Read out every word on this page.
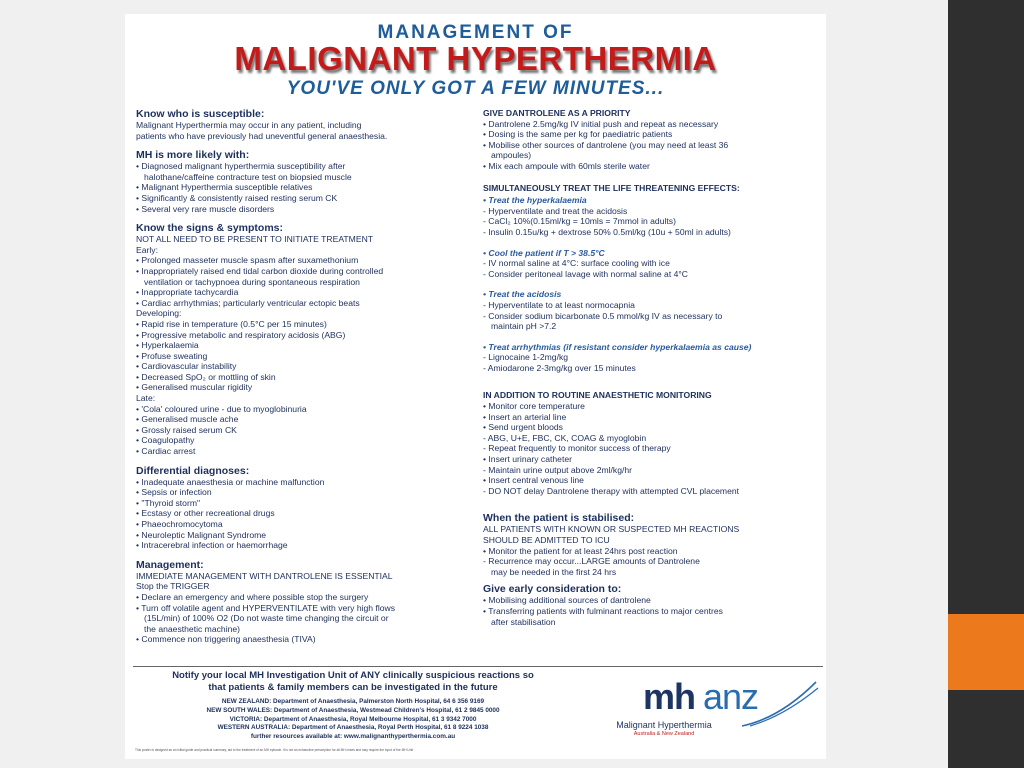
MANAGEMENT OF
MALIGNANT HYPERTHERMIA
YOU'VE ONLY GOT A FEW MINUTES...
Know who is susceptible:
Malignant Hyperthermia may occur in any patient, including
patients who have previously had uneventful general anaesthesia.
MH is more likely with:
• Diagnosed malignant hyperthermia susceptibility after
halothane/caffeine contracture test on biopsied muscle
• Malignant Hyperthermia susceptible relatives
• Significantly & consistently raised resting serum CK
• Several very rare muscle disorders
Know the signs & symptoms:
NOT ALL NEED TO BE PRESENT TO INITIATE TREATMENT
Early:
• Prolonged masseter muscle spasm after suxamethonium
• Inappropriately raised end tidal carbon dioxide during controlled
ventilation or tachypnoea during spontaneous respiration
• Inappropriate tachycardia
• Cardiac arrhythmias; particularly ventricular ectopic beats
Developing:
• Rapid rise in temperature (0.5°C per 15 minutes)
• Progressive metabolic and respiratory acidosis (ABG)
• Hyperkalaemia
• Profuse sweating
• Cardiovascular instability
• Decreased SpO₂ or mottling of skin
• Generalised muscular rigidity
Late:
• 'Cola' coloured urine - due to myoglobinuria
• Generalised muscle ache
• Grossly raised serum CK
• Coagulopathy
• Cardiac arrest
Differential diagnoses:
• Inadequate anaesthesia or machine malfunction
• Sepsis or infection
• "Thyroid storm"
• Ecstasy or other recreational drugs
• Phaeochromocytoma
• Neuroleptic Malignant Syndrome
• Intracerebral infection or haemorrhage
Management:
IMMEDIATE MANAGEMENT WITH DANTROLENE IS ESSENTIAL
Stop the TRIGGER
• Declare an emergency and where possible stop the surgery
• Turn off volatile agent and HYPERVENTILATE with very high flows
(15L/min) of 100% O2 (Do not waste time changing the circuit or
the anaesthetic machine)
• Commence non triggering anaesthesia (TIVA)
GIVE DANTROLENE AS A PRIORITY
• Dantrolene 2.5mg/kg IV initial push and repeat as necessary
• Dosing is the same per kg for paediatric patients
• Mobilise other sources of dantrolene (you may need at least 36
ampoules)
• Mix each ampoule with 60mls sterile water
SIMULTANEOUSLY TREAT THE LIFE THREATENING EFFECTS:
• Treat the hyperkalaemia
- Hyperventilate and treat the acidosis
- CaCl₂ 10%(0.15ml/kg = 10mls = 7mmol in adults)
- Insulin 0.15u/kg + dextrose 50% 0.5ml/kg (10u + 50ml in adults)
• Cool the patient if T > 38.5°C
- IV normal saline at 4°C: surface cooling with ice
- Consider peritoneal lavage with normal saline at 4°C
• Treat the acidosis
- Hyperventilate to at least normocapnia
- Consider sodium bicarbonate 0.5 mmol/kg IV as necessary to
maintain pH >7.2
• Treat arrhythmias (if resistant consider hyperkalaemia as cause)
- Lignocaine 1-2mg/kg
- Amiodarone 2-3mg/kg over 15 minutes
IN ADDITION TO ROUTINE ANAESTHETIC MONITORING
• Monitor core temperature
• Insert an arterial line
• Send urgent bloods
- ABG, U+E, FBC, CK, COAG & myoglobin
- Repeat frequently to monitor success of therapy
• Insert urinary catheter
- Maintain urine output above 2ml/kg/hr
• Insert central venous line
- DO NOT delay Dantrolene therapy with attempted CVL placement
When the patient is stabilised:
ALL PATIENTS WITH KNOWN OR SUSPECTED MH REACTIONS
SHOULD BE ADMITTED TO ICU
• Monitor the patient for at least 24hrs post reaction
- Recurrence may occur...LARGE amounts of Dantrolene
may be needed in the first 24 hrs
Give early consideration to:
• Mobilising additional sources of dantrolene
• Transferring patients with fulminant reactions to major centres
after stabilisation
Notify your local MH Investigation Unit of ANY clinically suspicious reactions so
that patients & family members can be investigated in the future
NEW ZEALAND: Department of Anaesthesia, Palmerston North Hospital, 64 6 356 9169
NEW SOUTH WALES: Department of Anaesthesia, Westmead Children's Hospital, 61 2 9845 0000
VICTORIA: Department of Anaesthesia, Royal Melbourne Hospital, 61 3 9342 7000
WESTERN AUSTRALIA: Department of Anaesthesia, Royal Perth Hospital, 61 8 9224 1038
further resources available at: www.malignanthyperthermia.com.au
mh anz
Malignant Hyperthermia
Australia & New Zealand
This poster is designed as an initial guide and practical summary, aid to the treatment of an MH episode. It is not an exhaustive prescription for all MH crises and may require the input of the MH Unit
